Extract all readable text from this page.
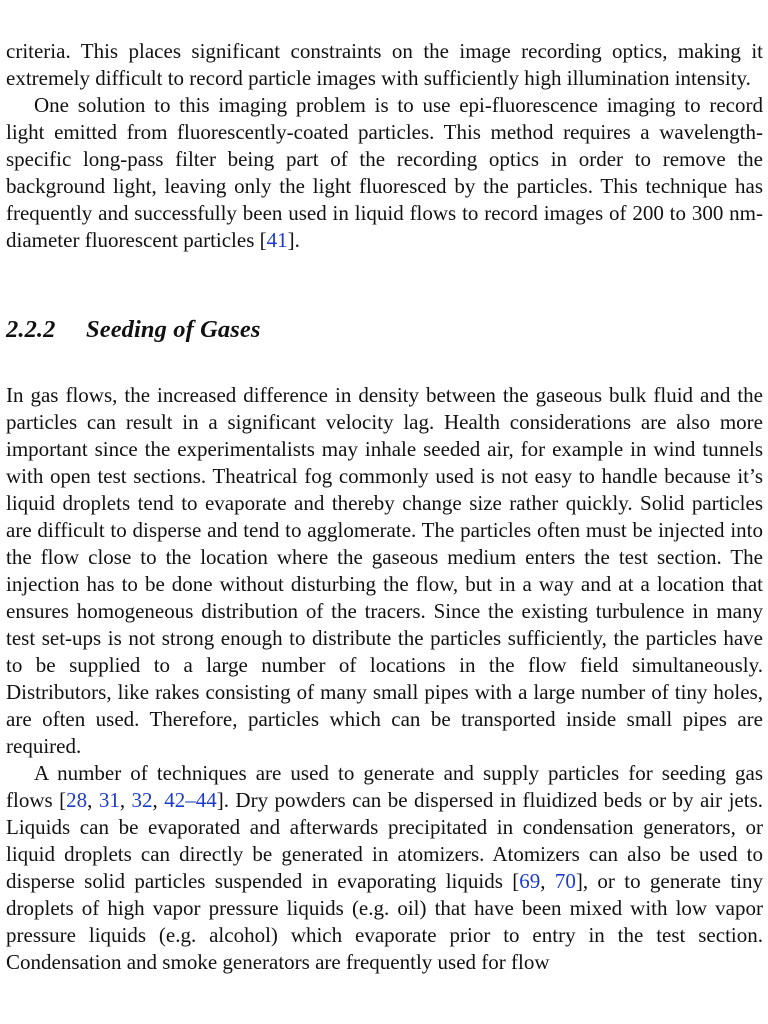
criteria. This places significant constraints on the image recording optics, making it extremely difficult to record particle images with sufficiently high illumination intensity.

One solution to this imaging problem is to use epi-fluorescence imaging to record light emitted from fluorescently-coated particles. This method requires a wavelength-specific long-pass filter being part of the recording optics in order to remove the background light, leaving only the light fluoresced by the particles. This technique has frequently and successfully been used in liquid flows to record images of 200 to 300 nm-diameter fluorescent particles [41].

2.2.2 Seeding of Gases

In gas flows, the increased difference in density between the gaseous bulk fluid and the particles can result in a significant velocity lag. Health considerations are also more important since the experimentalists may inhale seeded air, for example in wind tunnels with open test sections. Theatrical fog commonly used is not easy to handle because it’s liquid droplets tend to evaporate and thereby change size rather quickly. Solid particles are difficult to disperse and tend to agglomerate. The particles often must be injected into the flow close to the location where the gaseous medium enters the test section. The injection has to be done without disturbing the flow, but in a way and at a location that ensures homogeneous distribution of the tracers. Since the existing turbulence in many test set-ups is not strong enough to distribute the particles sufficiently, the particles have to be supplied to a large number of locations in the flow field simultaneously. Distributors, like rakes consisting of many small pipes with a large number of tiny holes, are often used. Therefore, particles which can be transported inside small pipes are required.

A number of techniques are used to generate and supply particles for seeding gas flows [28, 31, 32, 42–44]. Dry powders can be dispersed in fluidized beds or by air jets. Liquids can be evaporated and afterwards precipitated in condensation generators, or liquid droplets can directly be generated in atomizers. Atomizers can also be used to disperse solid particles suspended in evaporating liquids [69, 70], or to generate tiny droplets of high vapor pressure liquids (e.g. oil) that have been mixed with low vapor pressure liquids (e.g. alcohol) which evaporate prior to entry in the test section. Condensation and smoke generators are frequently used for flow
